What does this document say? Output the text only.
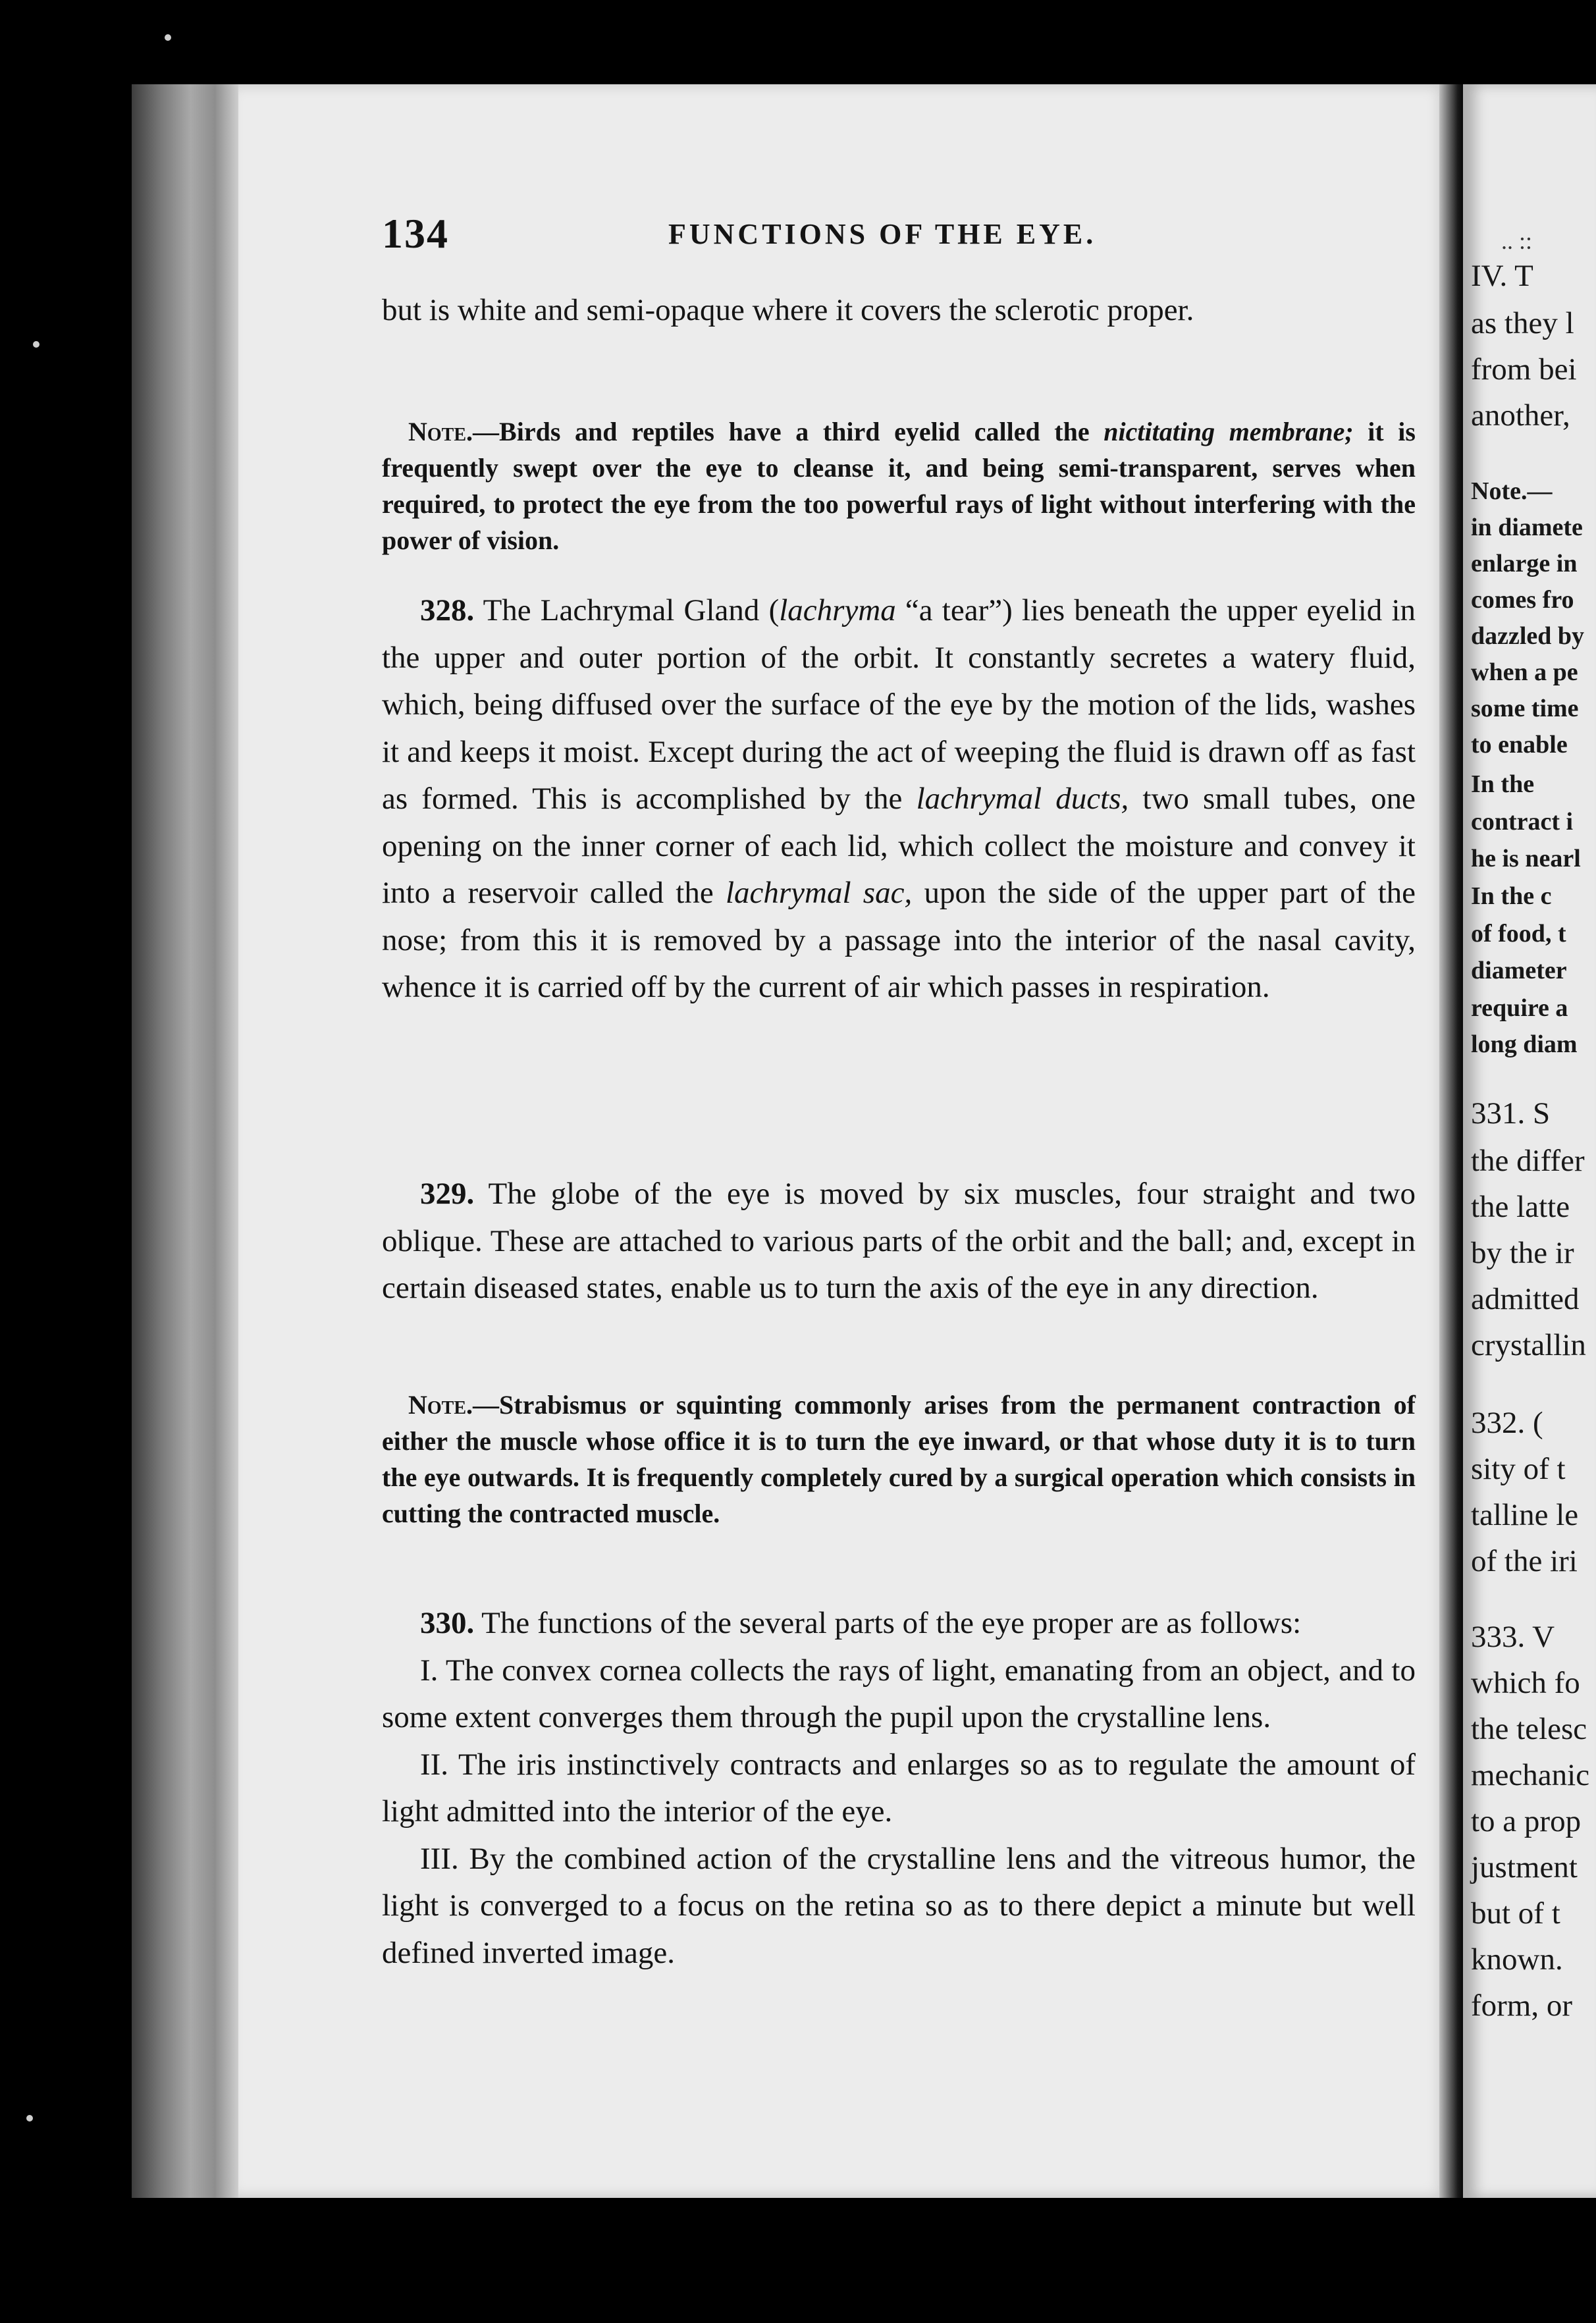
IV. T
as they l
from bei
another,
Note.—
in diamete
enlarge in
comes fro
dazzled by
when a pe
some time
to enable
In the
contract i
he is nearl
In the c
of food, t
diameter
require a
long diam
331. S
the differ
the latte
by the ir
admitted
crystallin
332. (
sity of t
talline le
of the iri
333. V
which fo
the telesc
mechanic
to a prop
justment
but of t
known.
form, or
134	FUNCTIONS OF THE EYE.	.. ::

but is white and semi-opaque where it covers the sclerotic proper.

Note.—Birds and reptiles have a third eyelid called the nictitating membrane; it is frequently swept over the eye to cleanse it, and being semi-transparent, serves when required, to protect the eye from the too powerful rays of light without interfering with the power of vision.

328. The Lachrymal Gland (lachryma “a tear”) lies beneath the upper eyelid in the upper and outer portion of the orbit. It constantly secretes a watery fluid, which, being diffused over the surface of the eye by the motion of the lids, washes it and keeps it moist. Except during the act of weeping the fluid is drawn off as fast as formed. This is accomplished by the lachrymal ducts, two small tubes, one opening on the inner corner of each lid, which collect the moisture and convey it into a reservoir called the lachrymal sac, upon the side of the upper part of the nose; from this it is removed by a passage into the interior of the nasal cavity, whence it is carried off by the current of air which passes in respiration.

329. The globe of the eye is moved by six muscles, four straight and two oblique. These are attached to various parts of the orbit and the ball; and, except in certain diseased states, enable us to turn the axis of the eye in any direction.

Note.—Strabismus or squinting commonly arises from the permanent contraction of either the muscle whose office it is to turn the eye inward, or that whose duty it is to turn the eye outwards. It is frequently completely cured by a surgical operation which consists in cutting the contracted muscle.

330. The functions of the several parts of the eye proper are as follows:

I. The convex cornea collects the rays of light, emanating from an object, and to some extent converges them through the pupil upon the crystalline lens.

II. The iris instinctively contracts and enlarges so as to regulate the amount of light admitted into the interior of the eye.

III. By the combined action of the crystalline lens and the vitreous humor, the light is converged to a focus on the retina so as to there depict a minute but well defined inverted image.
